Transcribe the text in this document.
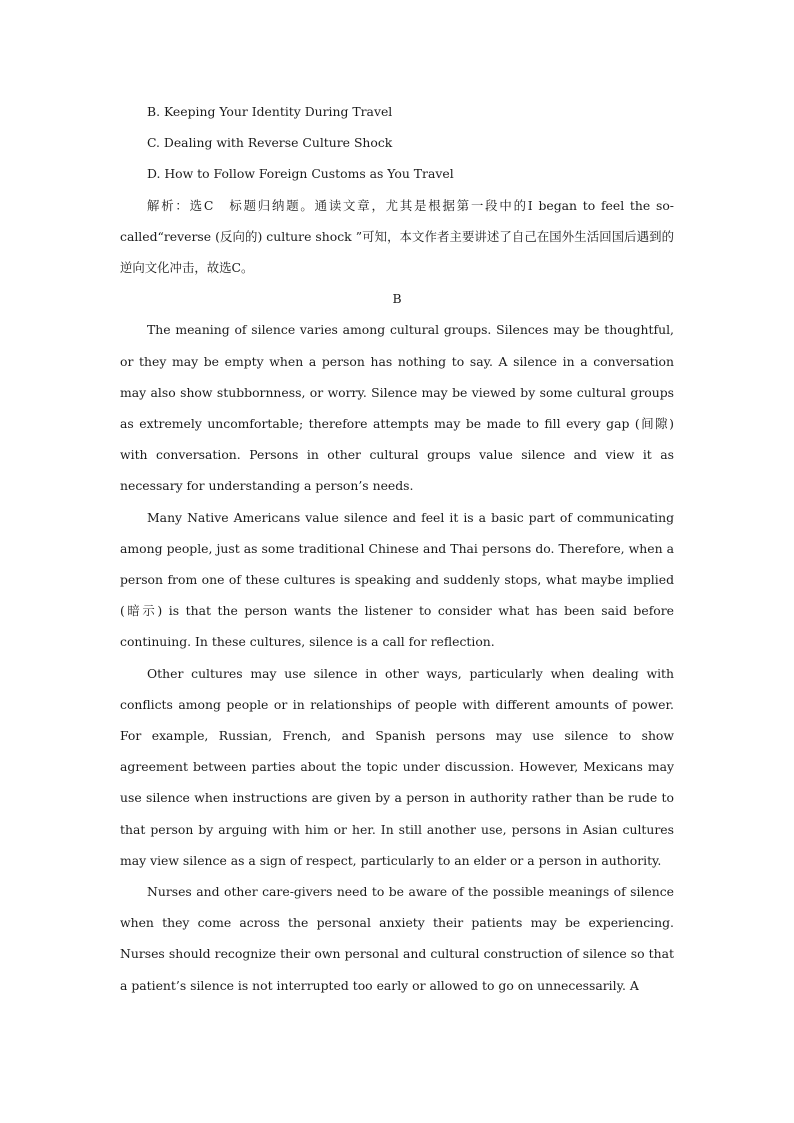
B. Keeping Your Identity During Travel
C. Dealing with Reverse Culture Shock
D. How to Follow Foreign Customs as You Travel

解析：选C　标题归纳题。通读文章，尤其是根据第一段中的I began to feel the so-called“reverse (反向的) culture shock ”可知，本文作者主要讲述了自己在国外生活回国后遇到的逆向文化冲击，故选C。

B

The meaning of silence varies among cultural groups. Silences may be thoughtful, or they may be empty when a person has nothing to say. A silence in a conversation may also show stubbornness, or worry. Silence may be viewed by some cultural groups as extremely uncomfortable; therefore attempts may be made to fill every gap (间隙) with conversation. Persons in other cultural groups value silence and view it as necessary for understanding a person’s needs.

Many Native Americans value silence and feel it is a basic part of communicating among people, just as some traditional Chinese and Thai persons do. Therefore, when a person from one of these cultures is speaking and suddenly stops, what maybe implied (暗示) is that the person wants the listener to consider what has been said before continuing. In these cultures, silence is a call for reflection.

Other cultures may use silence in other ways, particularly when dealing with conflicts among people or in relationships of people with different amounts of power. For example, Russian, French, and Spanish persons may use silence to show agreement between parties about the topic under discussion. However, Mexicans may use silence when instructions are given by a person in authority rather than be rude to that person by arguing with him or her. In still another use, persons in Asian cultures may view silence as a sign of respect, particularly to an elder or a person in authority.

Nurses and other care-givers need to be aware of the possible meanings of silence when they come across the personal anxiety their patients may be experiencing. Nurses should recognize their own personal and cultural construction of silence so that a patient’s silence is not interrupted too early or allowed to go on unnecessarily. A
